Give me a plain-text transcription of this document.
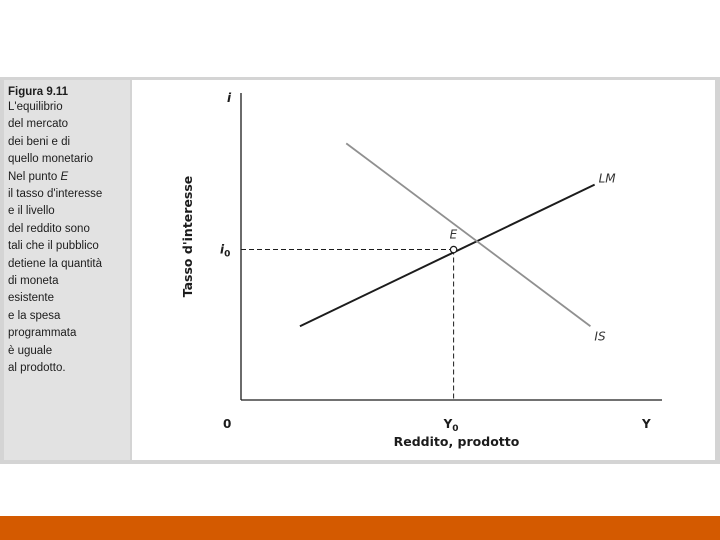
Figura 9.11
L'equilibrio
del mercato
dei beni e di
quello monetario
Nel punto E
il tasso d'interesse
e il livello
del reddito sono
tali che il pubblico
detiene la quantità
di moneta
esistente
e la spesa
programmata
è uguale
al prodotto.
LM
IS
E
i
Y
0
$i_0$
$Y_0$
Reddito, prodotto
Tasso d'interesse
